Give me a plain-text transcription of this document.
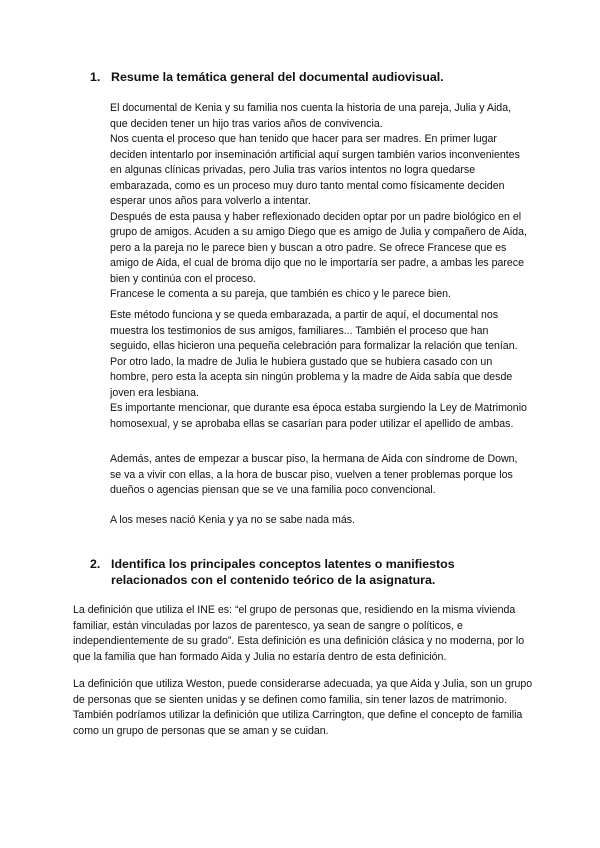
1. Resume la temática general del documental audiovisual.

El documental de Kenia y su familia nos cuenta la historia de una pareja, Julia y Aida, que deciden tener un hijo tras varios años de convivencia.

Nos cuenta el proceso que han tenido que hacer para ser madres. En primer lugar deciden intentarlo por inseminación artificial aquí surgen también varios inconvenientes en algunas clínicas privadas, pero Julia tras varios intentos no logra quedarse embarazada, como es un proceso muy duro tanto mental como físicamente deciden esperar unos años para volverlo a intentar.

Después de esta pausa y haber reflexionado deciden optar por un padre biológico en el grupo de amigos. Acuden a su amigo Diego que es amigo de Julia y compañero de Aida, pero a la pareja no le parece bien y buscan a otro padre. Se ofrece Francese que es amigo de Aida, el cual de broma dijo que no le importaría ser padre, a ambas les parece bien y continúa con el proceso.

Francese le comenta a su pareja, que también es chico y le parece bien.

Este método funciona y se queda embarazada, a partir de aquí, el documental nos muestra los testimonios de sus amigos, familiares... También el proceso que han seguido, ellas hicieron una pequeña celebración para formalizar la relación que tenían. Por otro lado, la madre de Julia le hubiera gustado que se hubiera casado con un hombre, pero esta la acepta sin ningún problema y la madre de Aida sabía que desde joven era lesbiana.

Es importante mencionar, que durante esa época estaba surgiendo la Ley de Matrimonio homosexual, y se aprobaba ellas se casarían para poder utilizar el apellido de ambas.

Además, antes de empezar a buscar piso, la hermana de Aida con síndrome de Down, se va a vivir con ellas, a la hora de buscar piso, vuelven a tener problemas porque los dueños o agencias piensan que se ve una familia poco convencional.

A los meses nació Kenia y ya no se sabe nada más.

2. Identifica los principales conceptos latentes o manifiestos relacionados con el contenido teórico de la asignatura.

La definición que utiliza el INE es: “el grupo de personas que, residiendo en la misma vivienda familiar, están vinculadas por lazos de parentesco, ya sean de sangre o políticos, e independientemente de su grado”. Esta definición es una definición clásica y no moderna, por lo que la familia que han formado Aida y Julia no estaría dentro de esta definición.

La definición que utiliza Weston, puede considerarse adecuada, ya que Aida y Julia, son un grupo de personas que se sienten unidas y se definen como familia, sin tener lazos de matrimonio.

También podríamos utilizar la definición que utiliza Carrington, que define el concepto de familia como un grupo de personas que se aman y se cuidan.
